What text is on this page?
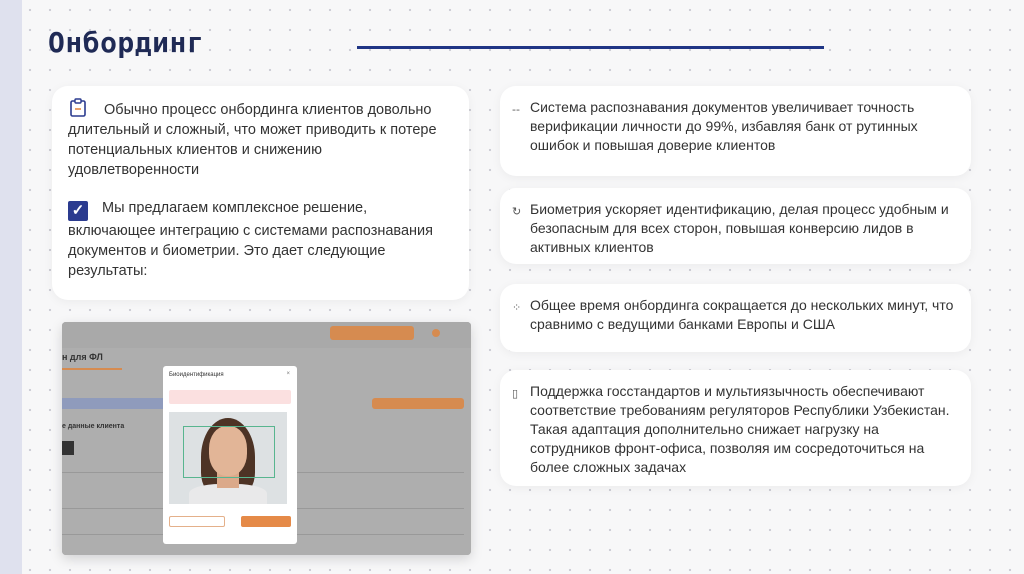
Онбординг

Обычно процесс онбординга клиентов довольно длительный и сложный, что может приводить к потере потенциальных клиентов и снижению удовлетворенности

✓ Мы предлагаем комплексное решение, включающее интеграцию с системами распознавания документов и биометрии. Это дает следующие результаты:

-- Система распознавания документов увеличивает точность верификации личности до 99%, избавляя банк от рутинных ошибок и повышая доверие клиентов
↻ Биометрия ускоряет идентификацию, делая процесс удобным и безопасным для всех сторон, повышая конверсию лидов в активных клиентов
⁘ Общее время онбординга сокращается до нескольких минут, что сравнимо с ведущими банками Европы и США
▯ Поддержка госстандартов и мультиязычность обеспечивают соответствие требованиям регуляторов Республики Узбекистан. Такая адаптация дополнительно снижает нагрузку на сотрудников фронт-офиса, позволяя им сосредоточиться на более сложных задачах
н для ФЛ
е данные клиента
Биоидентификация	×
